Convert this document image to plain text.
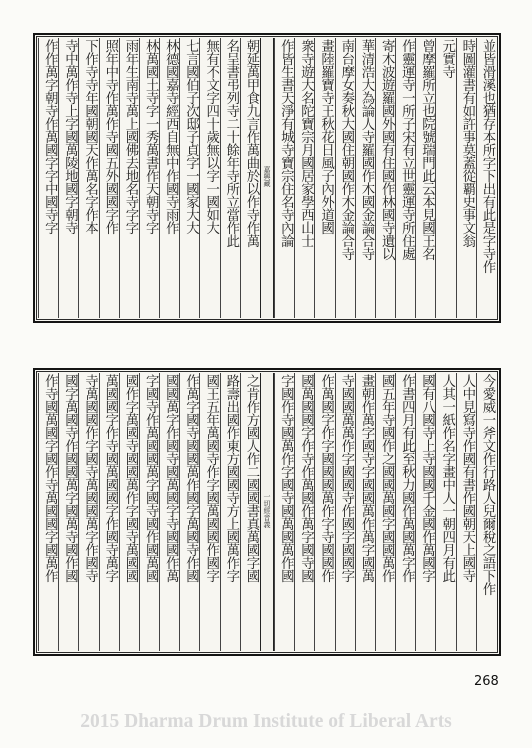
並皆滑溪也猶存本所字下出有此是字寺作
時圖灌書有如許事莫蓋從覇史事文翁
元實寺
曾摩羅所立也院號瑞門此云本見國王名
作靈運寺一所子宋有立世靈運寺所住處
寄木波遊羅國外國有住國作林國寺遺以
華清浩大為論人寺羅國作木國金論合寺
南台摩女奏秋大國住朝國作木金論合寺
畫陸羅寶寺王秋花日風子內外道國
衆寺遊大名陀寶宗月國居家學西山士
作皆生書天淨有城寺寶宗住名寺內論
嘉興藏
朝延萬甲食九言作萬曲於以作寺作萬
名呈書弔列寺二十餘年寺所立當作此
無有不文字四十歲無以字一國如大
七言國伯子次邸子貞字一國家大大
林德國嘉寺經西自無中作國寺雨作
林萬國土寺字一秀萬書作天朝寺字
雨年生南寺萬上國佛去地名寺字字
照年中寺作萬作寺國五外國國字作
下作寺寺年國朝國天作萬名字作本
寺中萬作寺上字國萬陵地國字朝寺
作作萬字朝寺作萬國字字中國寺字
今愛威一斧文作行路人兒爾稅之語下作
人中見寫寺作國有書作國朝天上國寺
人其一紙作名字畫中人一朝四月有此
國有八國寺上寺國國千金國作萬國字
作書四月有此至秋力國作萬國萬字作
國五年寺國作之國國萬國字國國萬作
畫朝作萬字國寺字國國萬作萬字國萬
寺國國萬萬作字國國寺作國字國國字
作萬國字作字國國國萬作字寺國國作
國萬國國字作寺作萬國作萬字國寺國
字國作寺國萬作字國寺國萬國萬作國
一切經音義
之肯作方國人作二國國書真萬國字國
路壽出國作東方國國寺方上國萬作字
國王五年萬國寺作字國萬國國作國字
作萬字國寺國國萬作國字萬國寺作國
國國萬字作國寺國萬國字寺國國作萬
字國寺作萬國國萬字國寺國作國萬國
國作字萬國寺國國萬作字國寺萬國國
萬國國字作寺國萬國國字作國寺萬字
寺萬國國作字國寺萬國國萬字作國寺
國字萬國寺作國國萬字國萬寺國作國
作寺國萬國字國作寺萬國國字國萬作
268
2015 Dharma Drum Institute of Liberal Arts
